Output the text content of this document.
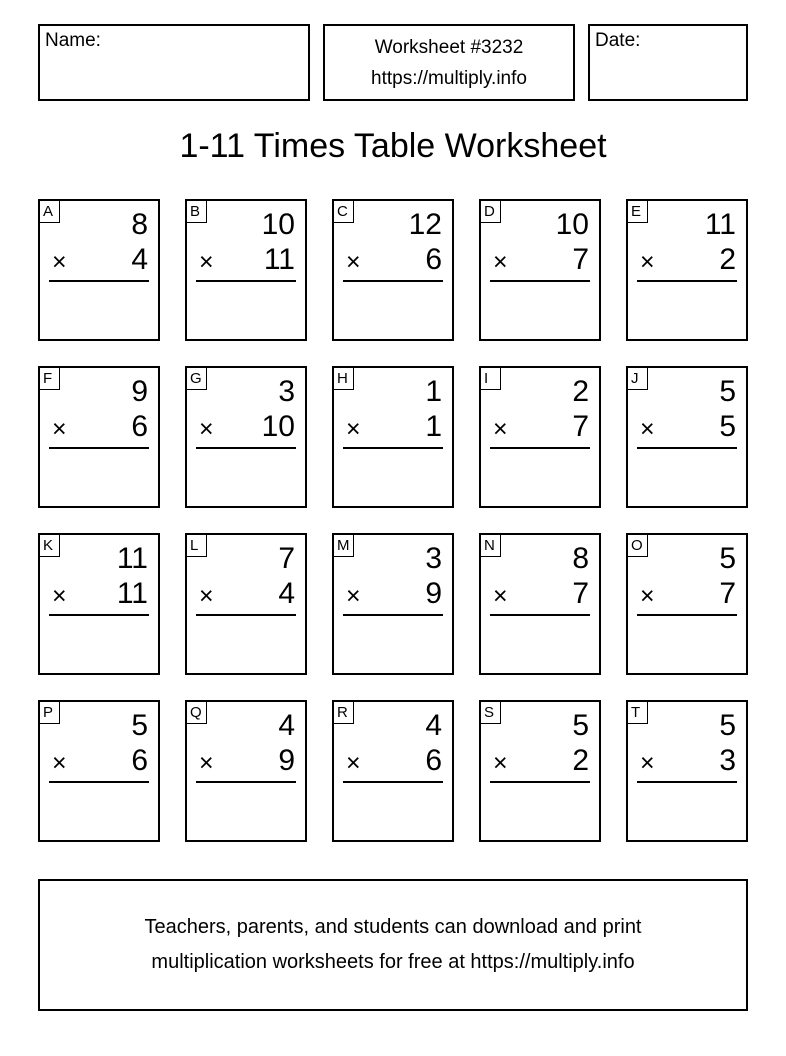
Name:	Worksheet #3232
https://multiply.info
Date:
1-11 Times Table Worksheet
A	8
× 4
B 10
× 11
C 12
× 6
D 10
× 7
E 11
× 2
F	9
× 6
G	3
× 10
H	1
× 1
I	2
× 7
J	5
× 5
K 11
× 11
L	7
× 4
M	3
× 9
N	8
× 7
O	5
× 7
P	5
× 6
Q	4
× 9
R	4
× 6
S	5
× 2
T	5
× 3
Teachers, parents, and students can download and print
multiplication worksheets for free at https://multiply.info
